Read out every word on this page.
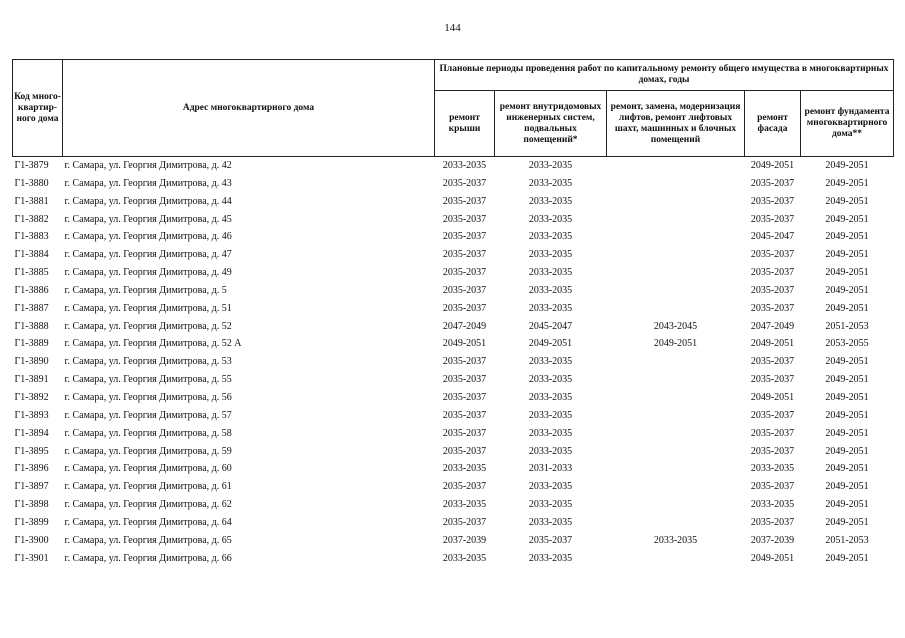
144
Код много-квартир-ного дома	Адрес многоквартирного дома	Плановые периоды проведения работ по капитальному ремонту общего имущества в многоквартирных домах, годы				
		ремонт крыши	ремонт внутридомовых инженерных систем, подвальных помещений*	ремонт, замена, модернизация лифтов, ремонт лифтовых шахт, машинных и блочных помещений	ремонт фасада	ремонт фундамента многоквартирного дома**
Г1-3879	г. Самара, ул. Георгия Димитрова, д. 42	2033-2035	2033-2035		2049-2051	2049-2051
Г1-3880	г. Самара, ул. Георгия Димитрова, д. 43	2035-2037	2033-2035		2035-2037	2049-2051
Г1-3881	г. Самара, ул. Георгия Димитрова, д. 44	2035-2037	2033-2035		2035-2037	2049-2051
Г1-3882	г. Самара, ул. Георгия Димитрова, д. 45	2035-2037	2033-2035		2035-2037	2049-2051
Г1-3883	г. Самара, ул. Георгия Димитрова, д. 46	2035-2037	2033-2035		2045-2047	2049-2051
Г1-3884	г. Самара, ул. Георгия Димитрова, д. 47	2035-2037	2033-2035		2035-2037	2049-2051
Г1-3885	г. Самара, ул. Георгия Димитрова, д. 49	2035-2037	2033-2035		2035-2037	2049-2051
Г1-3886	г. Самара, ул. Георгия Димитрова, д. 5	2035-2037	2033-2035		2035-2037	2049-2051
Г1-3887	г. Самара, ул. Георгия Димитрова, д. 51	2035-2037	2033-2035		2035-2037	2049-2051
Г1-3888	г. Самара, ул. Георгия Димитрова, д. 52	2047-2049	2045-2047	2043-2045	2047-2049	2051-2053
Г1-3889	г. Самара, ул. Георгия Димитрова, д. 52 А	2049-2051	2049-2051	2049-2051	2049-2051	2053-2055
Г1-3890	г. Самара, ул. Георгия Димитрова, д. 53	2035-2037	2033-2035		2035-2037	2049-2051
Г1-3891	г. Самара, ул. Георгия Димитрова, д. 55	2035-2037	2033-2035		2035-2037	2049-2051
Г1-3892	г. Самара, ул. Георгия Димитрова, д. 56	2035-2037	2033-2035		2049-2051	2049-2051
Г1-3893	г. Самара, ул. Георгия Димитрова, д. 57	2035-2037	2033-2035		2035-2037	2049-2051
Г1-3894	г. Самара, ул. Георгия Димитрова, д. 58	2035-2037	2033-2035		2035-2037	2049-2051
Г1-3895	г. Самара, ул. Георгия Димитрова, д. 59	2035-2037	2033-2035		2035-2037	2049-2051
Г1-3896	г. Самара, ул. Георгия Димитрова, д. 60	2033-2035	2031-2033		2033-2035	2049-2051
Г1-3897	г. Самара, ул. Георгия Димитрова, д. 61	2035-2037	2033-2035		2035-2037	2049-2051
Г1-3898	г. Самара, ул. Георгия Димитрова, д. 62	2033-2035	2033-2035		2033-2035	2049-2051
Г1-3899	г. Самара, ул. Георгия Димитрова, д. 64	2035-2037	2033-2035		2035-2037	2049-2051
Г1-3900	г. Самара, ул. Георгия Димитрова, д. 65	2037-2039	2035-2037	2033-2035	2037-2039	2051-2053
Г1-3901	г. Самара, ул. Георгия Димитрова, д. 66	2033-2035	2033-2035		2049-2051	2049-2051
